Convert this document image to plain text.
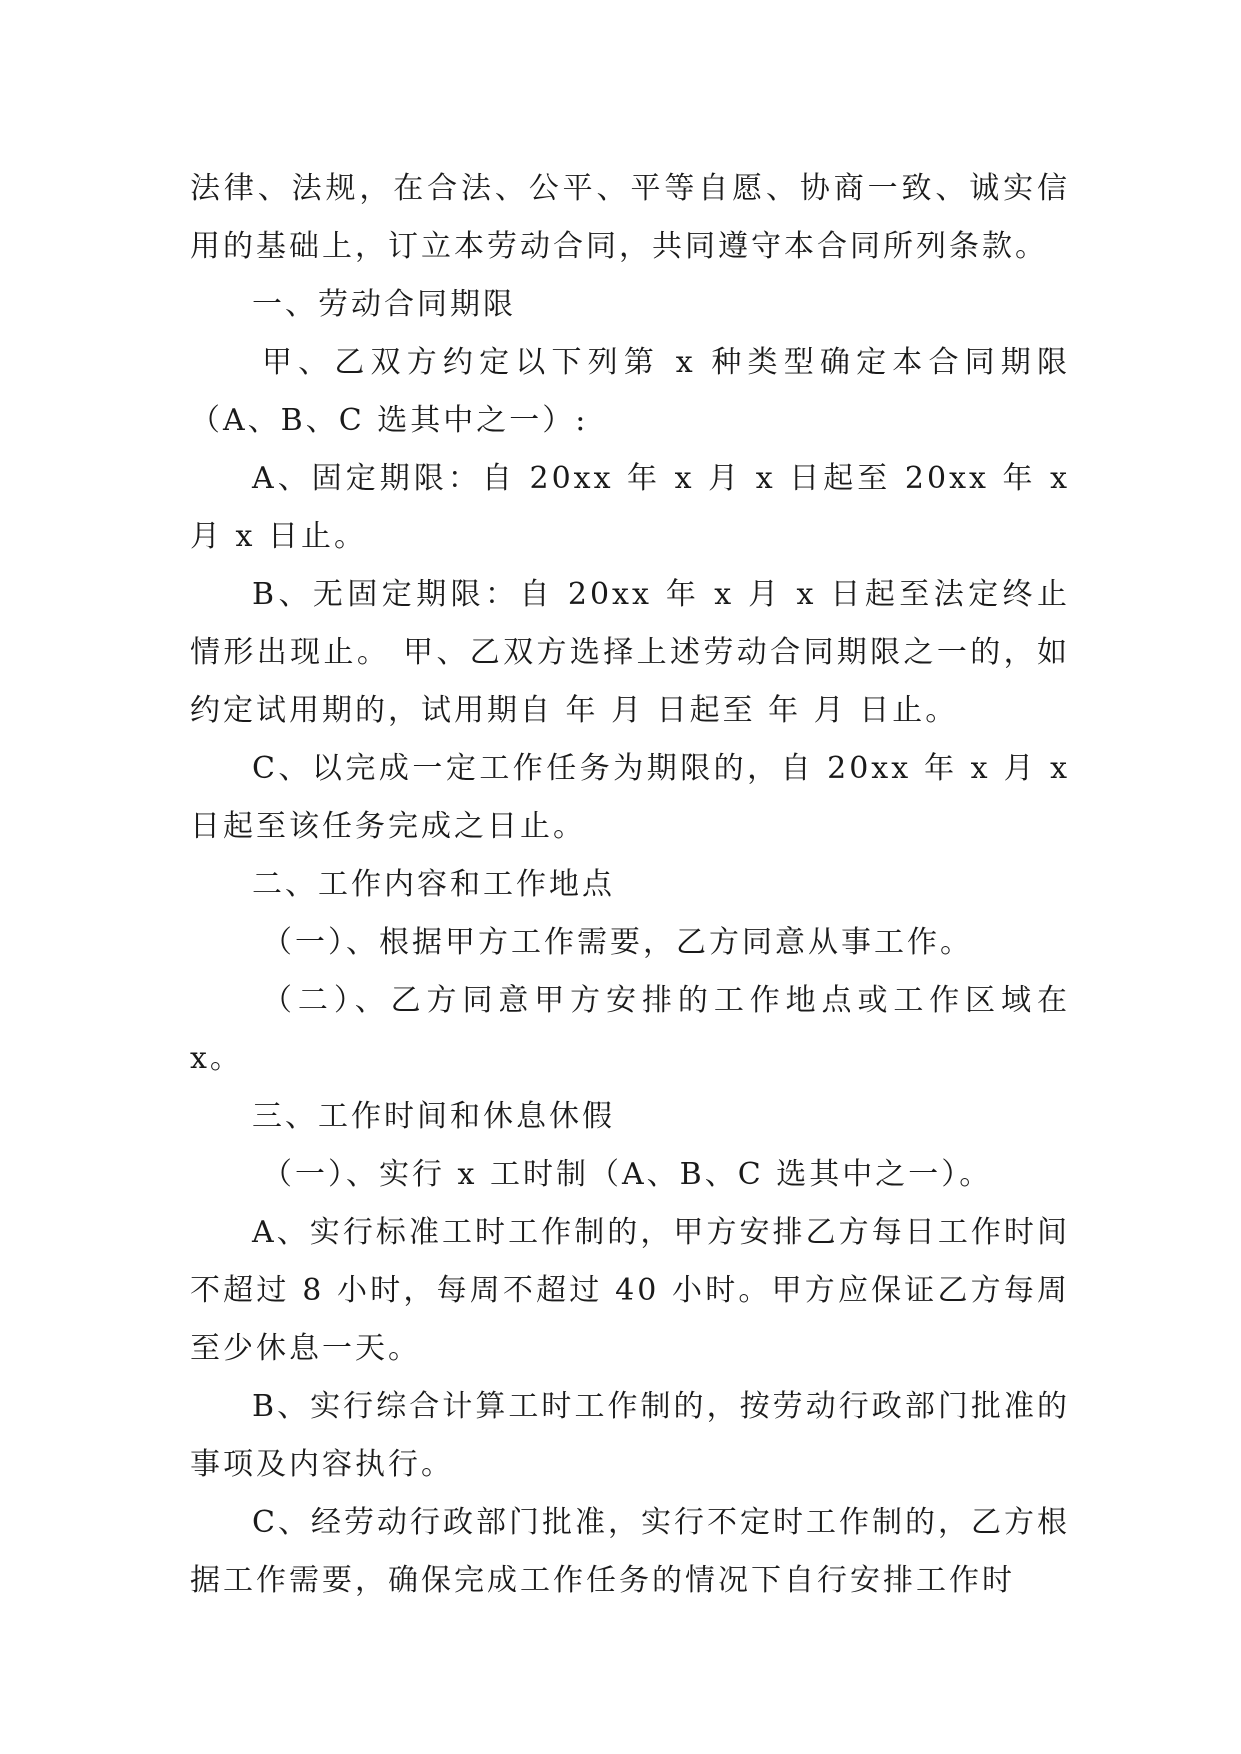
法律、法规，在合法、公平、平等自愿、协商一致、诚实信用的基础上，订立本劳动合同，共同遵守本合同所列条款。

一、劳动合同期限

甲、乙双方约定以下列第 x 种类型确定本合同期限（A、B、C 选其中之一）:

A、固定期限：自 20xx 年 x 月 x 日起至 20xx 年 x 月 x 日止。

B、无固定期限：自 20xx 年 x 月 x 日起至法定终止情形出现止。 甲、乙双方选择上述劳动合同期限之一的，如约定试用期的，试用期自 年 月 日起至 年 月 日止。

C、以完成一定工作任务为期限的，自 20xx 年 x 月 x 日起至该任务完成之日止。

二、工作内容和工作地点

（一）、根据甲方工作需要，乙方同意从事工作。

（二）、乙方同意甲方安排的工作地点或工作区域在 x。

三、工作时间和休息休假

（一）、实行 x 工时制（A、B、C 选其中之一）。

A、实行标准工时工作制的，甲方安排乙方每日工作时间不超过 8 小时，每周不超过 40 小时。甲方应保证乙方每周至少休息一天。

B、实行综合计算工时工作制的，按劳动行政部门批准的事项及内容执行。

C、经劳动行政部门批准，实行不定时工作制的，乙方根据工作需要，确保完成工作任务的情况下自行安排工作时
